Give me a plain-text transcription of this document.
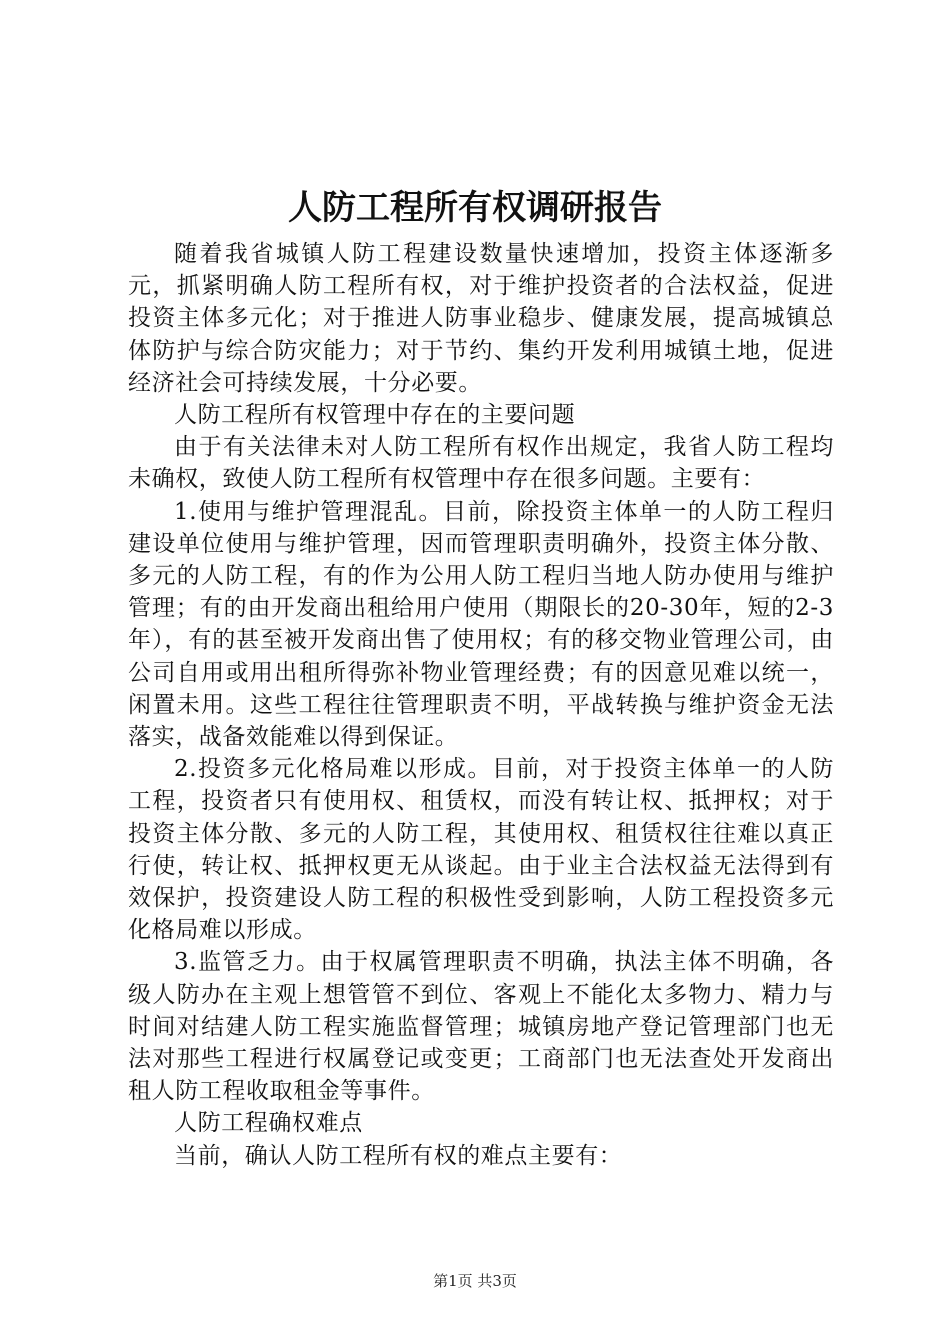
人防工程所有权调研报告

随着我省城镇人防工程建设数量快速增加，投资主体逐渐多元，抓紧明确人防工程所有权，对于维护投资者的合法权益，促进投资主体多元化；对于推进人防事业稳步、健康发展，提高城镇总体防护与综合防灾能力；对于节约、集约开发利用城镇土地，促进经济社会可持续发展，十分必要。

人防工程所有权管理中存在的主要问题

由于有关法律未对人防工程所有权作出规定，我省人防工程均未确权，致使人防工程所有权管理中存在很多问题。主要有：

1.使用与维护管理混乱。目前，除投资主体单一的人防工程归建设单位使用与维护管理，因而管理职责明确外，投资主体分散、多元的人防工程，有的作为公用人防工程归当地人防办使用与维护管理；有的由开发商出租给用户使用（期限长的20-30年，短的2-3年），有的甚至被开发商出售了使用权；有的移交物业管理公司，由公司自用或用出租所得弥补物业管理经费；有的因意见难以统一，闲置未用。这些工程往往管理职责不明，平战转换与维护资金无法落实，战备效能难以得到保证。

2.投资多元化格局难以形成。目前，对于投资主体单一的人防工程，投资者只有使用权、租赁权，而没有转让权、抵押权；对于投资主体分散、多元的人防工程，其使用权、租赁权往往难以真正行使，转让权、抵押权更无从谈起。由于业主合法权益无法得到有效保护，投资建设人防工程的积极性受到影响，人防工程投资多元化格局难以形成。

3.监管乏力。由于权属管理职责不明确，执法主体不明确，各级人防办在主观上想管管不到位、客观上不能化太多物力、精力与时间对结建人防工程实施监督管理；城镇房地产登记管理部门也无法对那些工程进行权属登记或变更；工商部门也无法查处开发商出租人防工程收取租金等事件。

人防工程确权难点

当前，确认人防工程所有权的难点主要有：

第1页 共3页
